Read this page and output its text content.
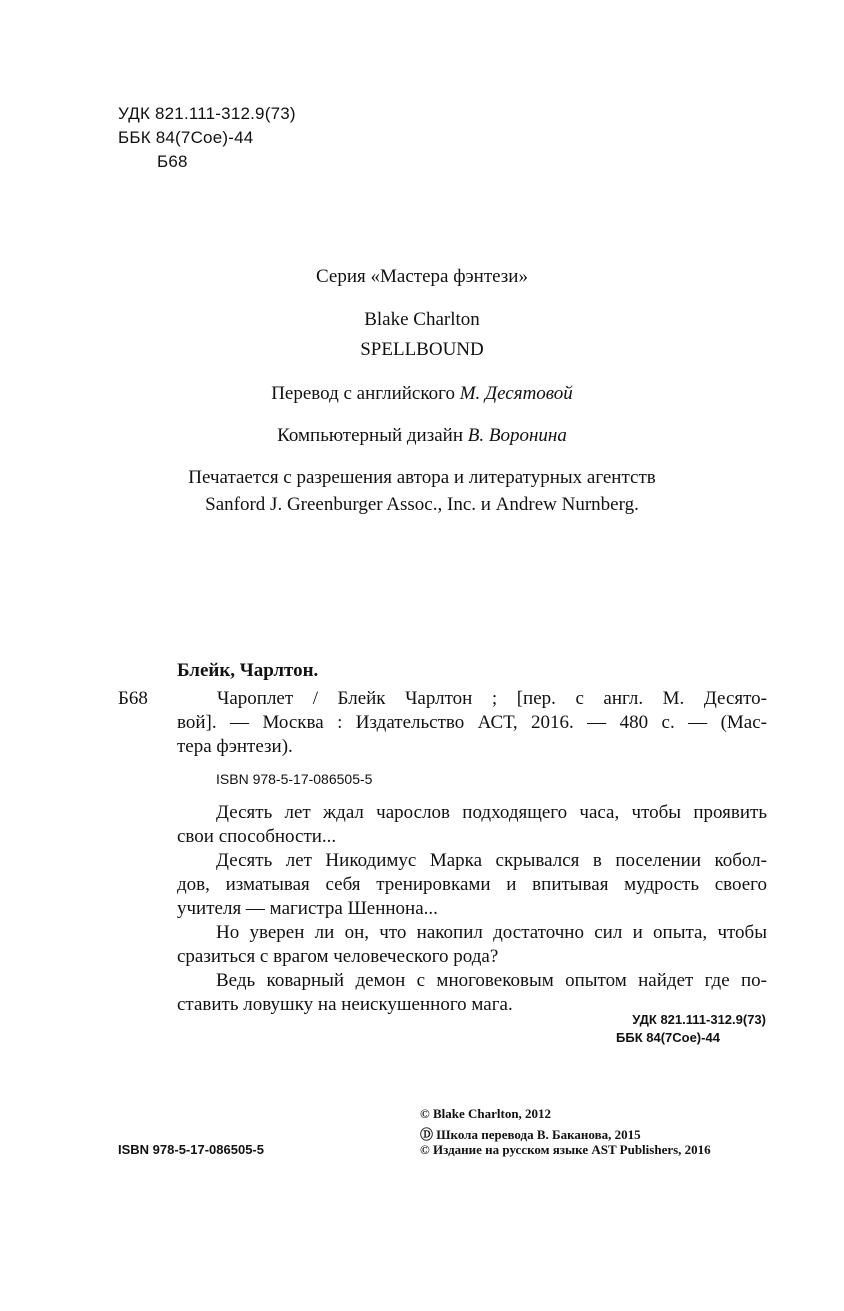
УДК 821.111-312.9(73)
ББК 84(7Сое)-44
Б68
Серия «Мастера фэнтези»
Blake Charlton
SPELLBOUND
Перевод с английского М. Десятовой
Компьютерный дизайн В. Воронина
Печатается с разрешения автора и литературных агентств
Sanford J. Greenburger Assoc., Inc. и Andrew Nurnberg.
Блейк, Чарлтон.
Б68	Чароплет / Блейк Чарлтон ; [пер. с англ. М. Десято-
вой]. — Москва : Издательство АСТ, 2016. — 480 с. — (Мас-
тера фэнтези).
ISBN 978-5-17-086505-5
Десять лет ждал чарослов подходящего часа, чтобы проявить
свои способности...
Десять лет Никодимус Марка скрывался в поселении кобол-
дов, изматывая себя тренировками и впитывая мудрость своего
учителя — магистра Шеннона...
Но уверен ли он, что накопил достаточно сил и опыта, чтобы
сразиться с врагом человеческого рода?
Ведь коварный демон с многовековым опытом найдет где по-
ставить ловушку на неискушенного мага.
УДК 821.111-312.9(73)
ББК 84(7Сое)-44
ISBN 978-5-17-086505-5
© Blake Charlton, 2012
Ⓓ Школа перевода В. Баканова, 2015
© Издание на русском языке AST Publishers, 2016
